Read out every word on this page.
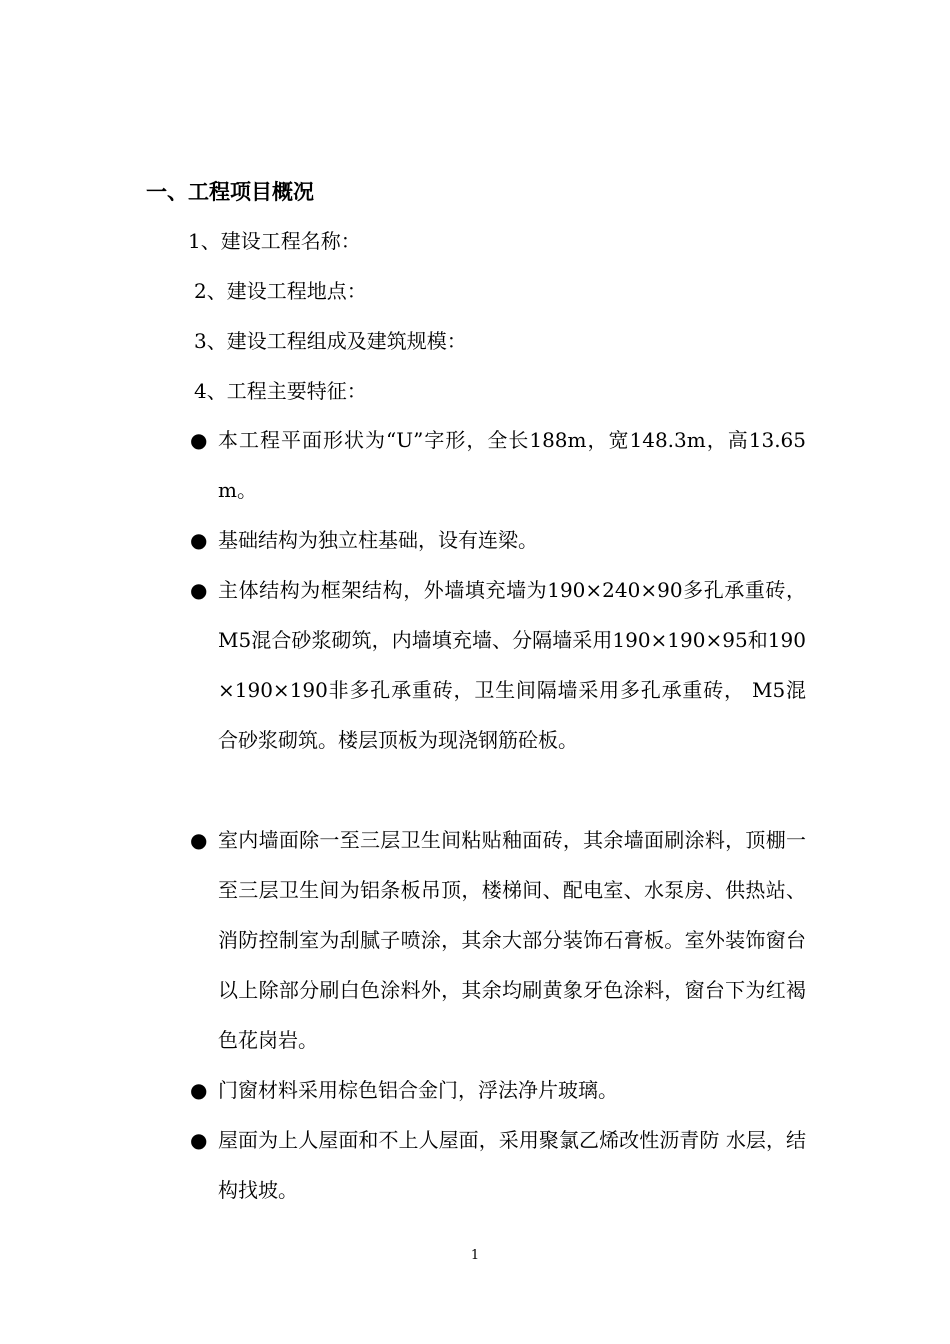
一、工程项目概况
1、建设工程名称：
2、建设工程地点：
3、建设工程组成及建筑规模：
4、工程主要特征：
● 本工程平面形状为“U”字形，全长188m，宽148.3m，高13.65m。
● 基础结构为独立柱基础，设有连梁。
● 主体结构为框架结构，外墙填充墙为190×240×90多孔承重砖， M5混合砂浆砌筑，内墙填充墙、分隔墙采用190×190×95和190×190×190非多孔承重砖，卫生间隔墙采用多孔承重砖， M5混合砂浆砌筑。楼层顶板为现浇钢筋砼板。
● 室内墙面除一至三层卫生间粘贴釉面砖，其余墙面刷涂料，顶棚一至三层卫生间为铝条板吊顶，楼梯间、配电室、水泵房、供热站、消防控制室为刮腻子喷涂，其余大部分装饰石膏板。室外装饰窗台以上除部分刷白色涂料外，其余均刷黄象牙色涂料，窗台下为红褐色花岗岩。
● 门窗材料采用棕色铝合金门，浮法净片玻璃。
● 屋面为上人屋面和不上人屋面，采用聚氯乙烯改性沥青防 水层，结构找坡。
1
